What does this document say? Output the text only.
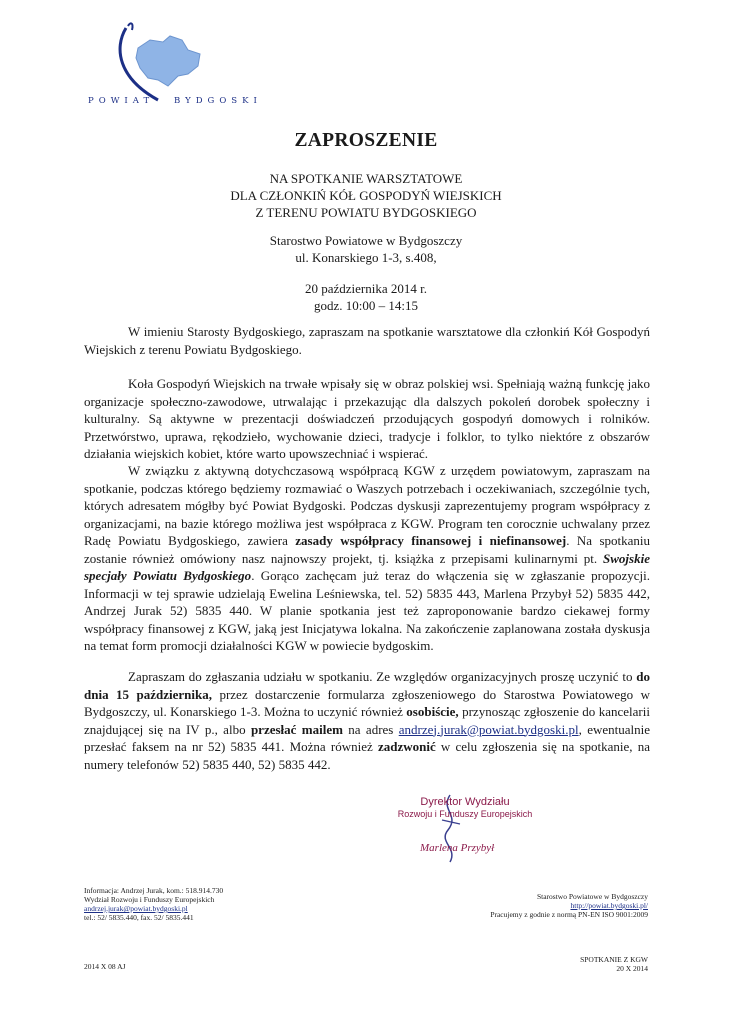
POWIAT BYDGOSKI
ZAPROSZENIE
NA SPOTKANIE WARSZTATOWE
DLA CZŁONKIŃ KÓŁ GOSPODYŃ WIEJSKICH
Z TERENU POWIATU BYDGOSKIEGO
Starostwo Powiatowe w Bydgoszczy
ul. Konarskiego 1-3, s.408,
20 października 2014 r.
godz. 10:00 – 14:15

W imieniu Starosty Bydgoskiego, zapraszam na spotkanie warsztatowe dla członkiń Kół Gospodyń Wiejskich z terenu Powiatu Bydgoskiego.

Koła Gospodyń Wiejskich na trwałe wpisały się w obraz polskiej wsi. Spełniają ważną funkcję jako organizacje społeczno-zawodowe, utrwalając i przekazując dla dalszych pokoleń dorobek społeczny i kulturalny. Są aktywne w prezentacji doświadczeń przodujących gospodyń domowych i rolników. Przetwórstwo, uprawa, rękodzieło, wychowanie dzieci, tradycje i folklor, to tylko niektóre z obszarów działania wiejskich kobiet, które warto upowszechniać i wspierać.

W związku z aktywną dotychczasową współpracą KGW z urzędem powiatowym, zapraszam na spotkanie, podczas którego będziemy rozmawiać o Waszych potrzebach i oczekiwaniach, szczególnie tych, których adresatem mógłby być Powiat Bydgoski. Podczas dyskusji zaprezentujemy program współpracy z organizacjami, na bazie którego możliwa jest współpraca z KGW. Program ten corocznie uchwalany przez Radę Powiatu Bydgoskiego, zawiera zasady współpracy finansowej i niefinansowej. Na spotkaniu zostanie również omówiony nasz najnowszy projekt, tj. książka z przepisami kulinarnymi pt. Swojskie specjały Powiatu Bydgoskiego. Gorąco zachęcam już teraz do włączenia się w zgłaszanie propozycji. Informacji w tej sprawie udzielają Ewelina Leśniewska, tel. 52) 5835 443, Marlena Przybył 52) 5835 442, Andrzej Jurak 52) 5835 440. W planie spotkania jest też zaproponowanie bardzo ciekawej formy współpracy finansowej z KGW, jaką jest Inicjatywa lokalna. Na zakończenie zaplanowana została dyskusja na temat form promocji działalności KGW w powiecie bydgoskim.

Zapraszam do zgłaszania udziału w spotkaniu. Ze względów organizacyjnych proszę uczynić to do dnia 15 października, przez dostarczenie formularza zgłoszeniowego do Starostwa Powiatowego w Bydgoszczy, ul. Konarskiego 1-3. Można to uczynić również osobiście, przynosząc zgłoszenie do kancelarii znajdującej się na IV p., albo przesłać mailem na adres andrzej.jurak@powiat.bydgoski.pl, ewentualnie przesłać faksem na nr 52) 5835 441. Można również zadzwonić w celu zgłoszenia się na spotkanie, na numery telefonów 52) 5835 440, 52) 5835 442.

Dyrektor Wydziału
Rozwoju i Funduszy Europejskich
Marlena Przybył
Informacja: Andrzej Jurak, kom.: 518.914.730
Wydział Rozwoju i Funduszy Europejskich
andrzej.jurak@powiat.bydgoski.pl
tel.: 52/ 5835.440, fax. 52/ 5835.441
Starostwo Powiatowe w Bydgoszczy
http://powiat.bydgoski.pl/
Pracujemy z godnie z normą PN-EN ISO 9001:2009
2014 X 08 AJ
SPOTKANIE Z KGW
20 X 2014
